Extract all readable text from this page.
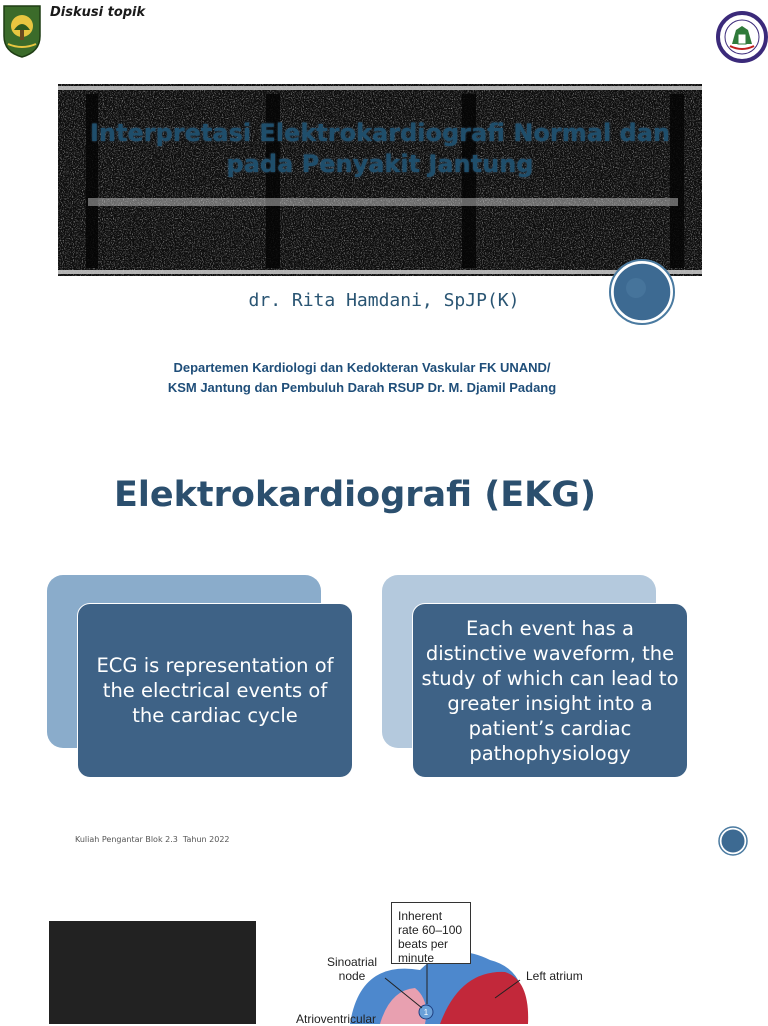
Diskusi topik
Interpretasi Elektrokardiografi Normal dan
pada Penyakit Jantung
dr. Rita Hamdani, SpJP(K)
Departemen Kardiologi dan Kedokteran Vaskular FK UNAND/
KSM Jantung dan Pembuluh Darah RSUP Dr. M. Djamil Padang
Elektrokardiografi (EKG)
ECG is representation of the electrical events of the cardiac cycle
Each event has a distinctive waveform, the study of which can lead to greater insight into a patient’s cardiac pathophysiology
Kuliah Pengantar Blok 2.3  Tahun 2022
1
Inherent rate 60–100 beats per minute
Sinoatrial node	Left atrium
Atrioventricular
